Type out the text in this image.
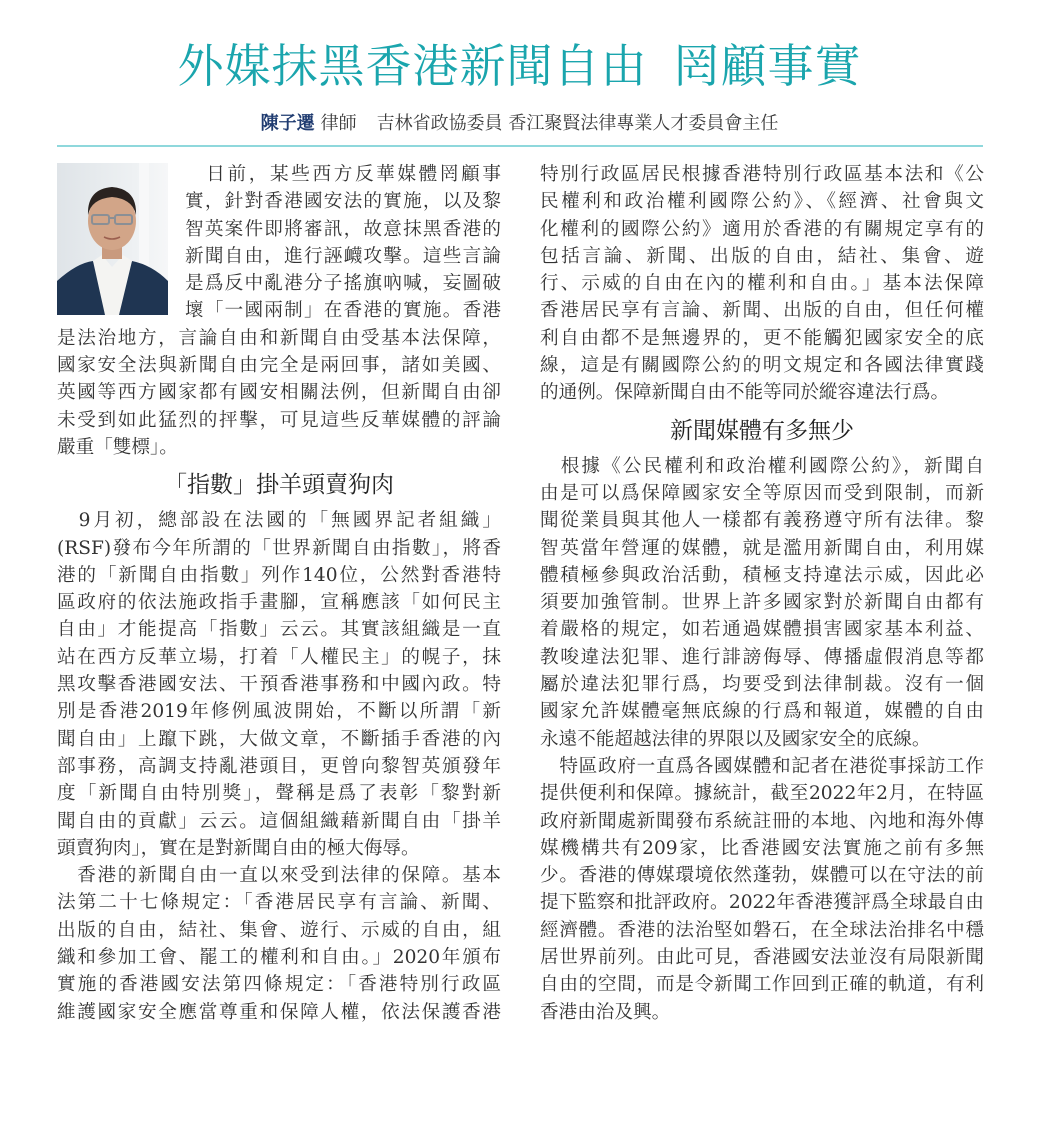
外媒抹黑香港新聞自由 罔顧事實
陳子遷 律師 吉林省政協委員 香江聚賢法律專業人才委員會主任
　日前，某些西方反華媒體罔顧事
實，針對香港國安法的實施，以及黎
智英案件即將審訊，故意抹黑香港的
新聞自由，進行誣衊攻擊。這些言論
是爲反中亂港分子搖旗吶喊，妄圖破
壞「一國兩制」在香港的實施。香港
是法治地方，言論自由和新聞自由受基本法保障，
國家安全法與新聞自由完全是兩回事，諸如美國、
英國等西方國家都有國安相關法例，但新聞自由卻
未受到如此猛烈的抨擊，可見這些反華媒體的評論
嚴重「雙標」。
「指數」掛羊頭賣狗肉
　9月初，總部設在法國的「無國界記者組織」
(RSF)發布今年所謂的「世界新聞自由指數」，將香
港的「新聞自由指數」列作140位，公然對香港特
區政府的依法施政指手畫腳，宣稱應該「如何民主
自由」才能提高「指數」云云。其實該組織是一直
站在西方反華立場，打着「人權民主」的幌子，抹
黑攻擊香港國安法、干預香港事務和中國內政。特
別是香港2019年修例風波開始，不斷以所謂「新
聞自由」上躥下跳，大做文章，不斷插手香港的內
部事務，高調支持亂港頭目，更曾向黎智英頒發年
度「新聞自由特別獎」，聲稱是爲了表彰「黎對新
聞自由的貢獻」云云。這個組織藉新聞自由「掛羊
頭賣狗肉」，實在是對新聞自由的極大侮辱。
　香港的新聞自由一直以來受到法律的保障。基本
法第二十七條規定：「香港居民享有言論、新聞、
出版的自由，結社、集會、遊行、示威的自由，組
織和參加工會、罷工的權利和自由。」2020年頒布
實施的香港國安法第四條規定：「香港特別行政區
維護國家安全應當尊重和保障人權，依法保護香港
特別行政區居民根據香港特別行政區基本法和《公
民權利和政治權利國際公約》、《經濟、社會與文
化權利的國際公約》適用於香港的有關規定享有的
包括言論、新聞、出版的自由，結社、集會、遊
行、示威的自由在內的權利和自由。」基本法保障
香港居民享有言論、新聞、出版的自由，但任何權
利自由都不是無邊界的，更不能觸犯國家安全的底
線，這是有關國際公約的明文規定和各國法律實踐
的通例。保障新聞自由不能等同於縱容違法行爲。
新聞媒體有多無少
　根據《公民權利和政治權利國際公約》，新聞自
由是可以爲保障國家安全等原因而受到限制，而新
聞從業員與其他人一樣都有義務遵守所有法律。黎
智英當年營運的媒體，就是濫用新聞自由，利用媒
體積極參與政治活動，積極支持違法示威，因此必
須要加強管制。世界上許多國家對於新聞自由都有
着嚴格的規定，如若通過媒體損害國家基本利益、
教唆違法犯罪、進行誹謗侮辱、傳播虛假消息等都
屬於違法犯罪行爲，均要受到法律制裁。沒有一個
國家允許媒體毫無底線的行爲和報道，媒體的自由
永遠不能超越法律的界限以及國家安全的底線。
　特區政府一直爲各國媒體和記者在港從事採訪工作
提供便利和保障。據統計，截至2022年2月，在特區
政府新聞處新聞發布系統註冊的本地、內地和海外傳
媒機構共有209家，比香港國安法實施之前有多無
少。香港的傳媒環境依然蓬勃，媒體可以在守法的前
提下監察和批評政府。2022年香港獲評爲全球最自由
經濟體。香港的法治堅如磐石，在全球法治排名中穩
居世界前列。由此可見，香港國安法並沒有局限新聞
自由的空間，而是令新聞工作回到正確的軌道，有利
香港由治及興。
